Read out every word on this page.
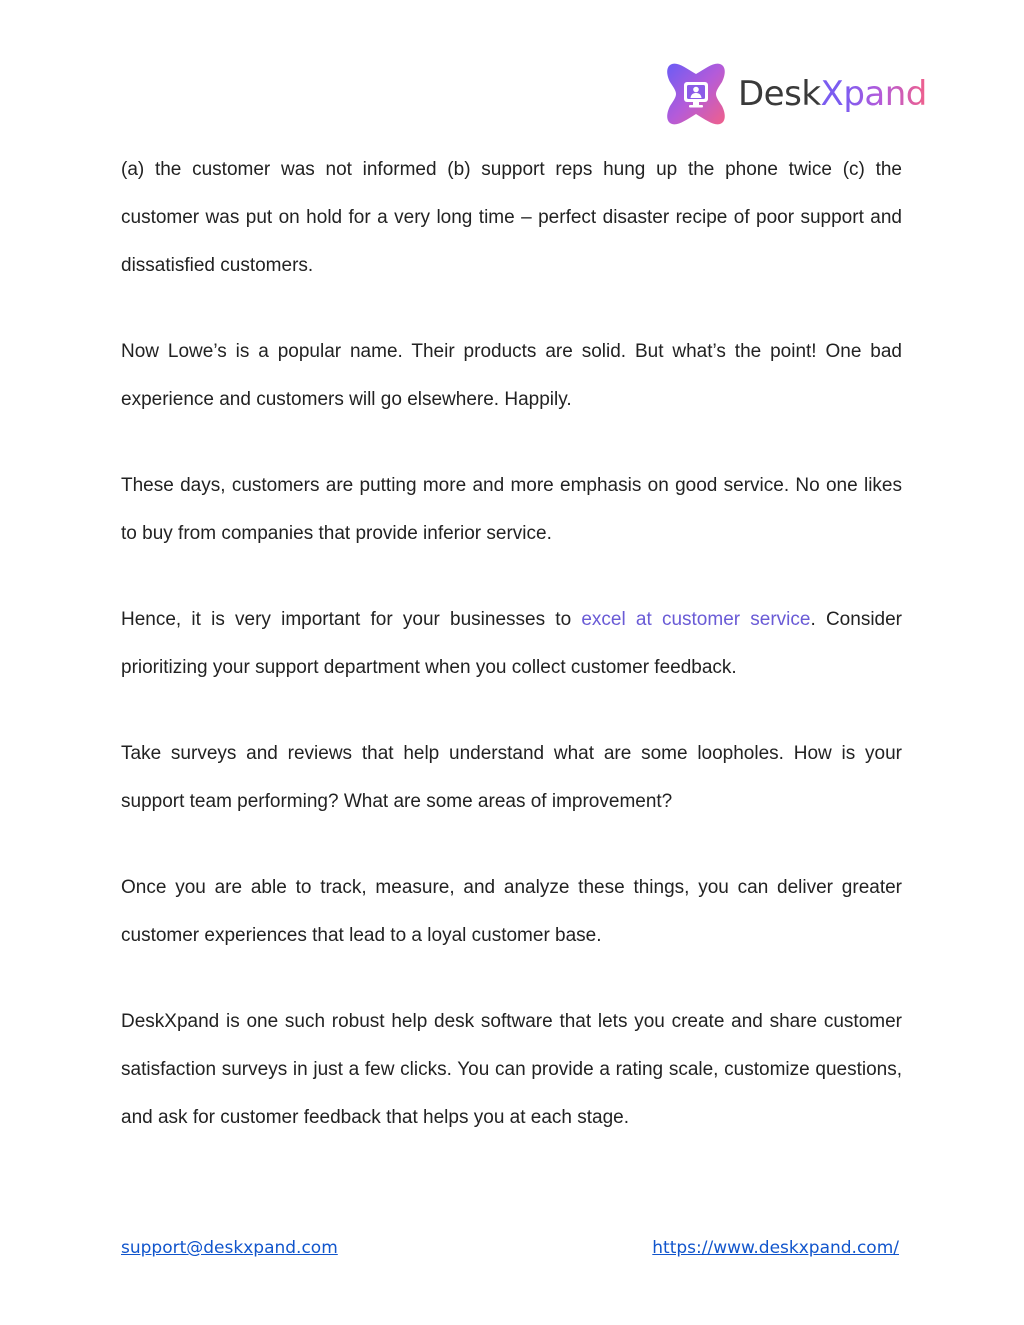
DeskXpand

(a) the customer was not informed (b) support reps hung up the phone twice (c) the customer was put on hold for a very long time – perfect disaster recipe of poor support and dissatisfied customers.

Now Lowe’s is a popular name. Their products are solid. But what’s the point! One bad experience and customers will go elsewhere. Happily.

These days, customers are putting more and more emphasis on good service. No one likes to buy from companies that provide inferior service.

Hence, it is very important for your businesses to excel at customer service. Consider prioritizing your support department when you collect customer feedback.

Take surveys and reviews that help understand what are some loopholes. How is your support team performing? What are some areas of improvement?

Once you are able to track, measure, and analyze these things, you can deliver greater customer experiences that lead to a loyal customer base.

DeskXpand is one such robust help desk software that lets you create and share customer satisfaction surveys in just a few clicks. You can provide a rating scale, customize questions, and ask for customer feedback that helps you at each stage.

support@deskxpand.com	https://www.deskxpand.com/
